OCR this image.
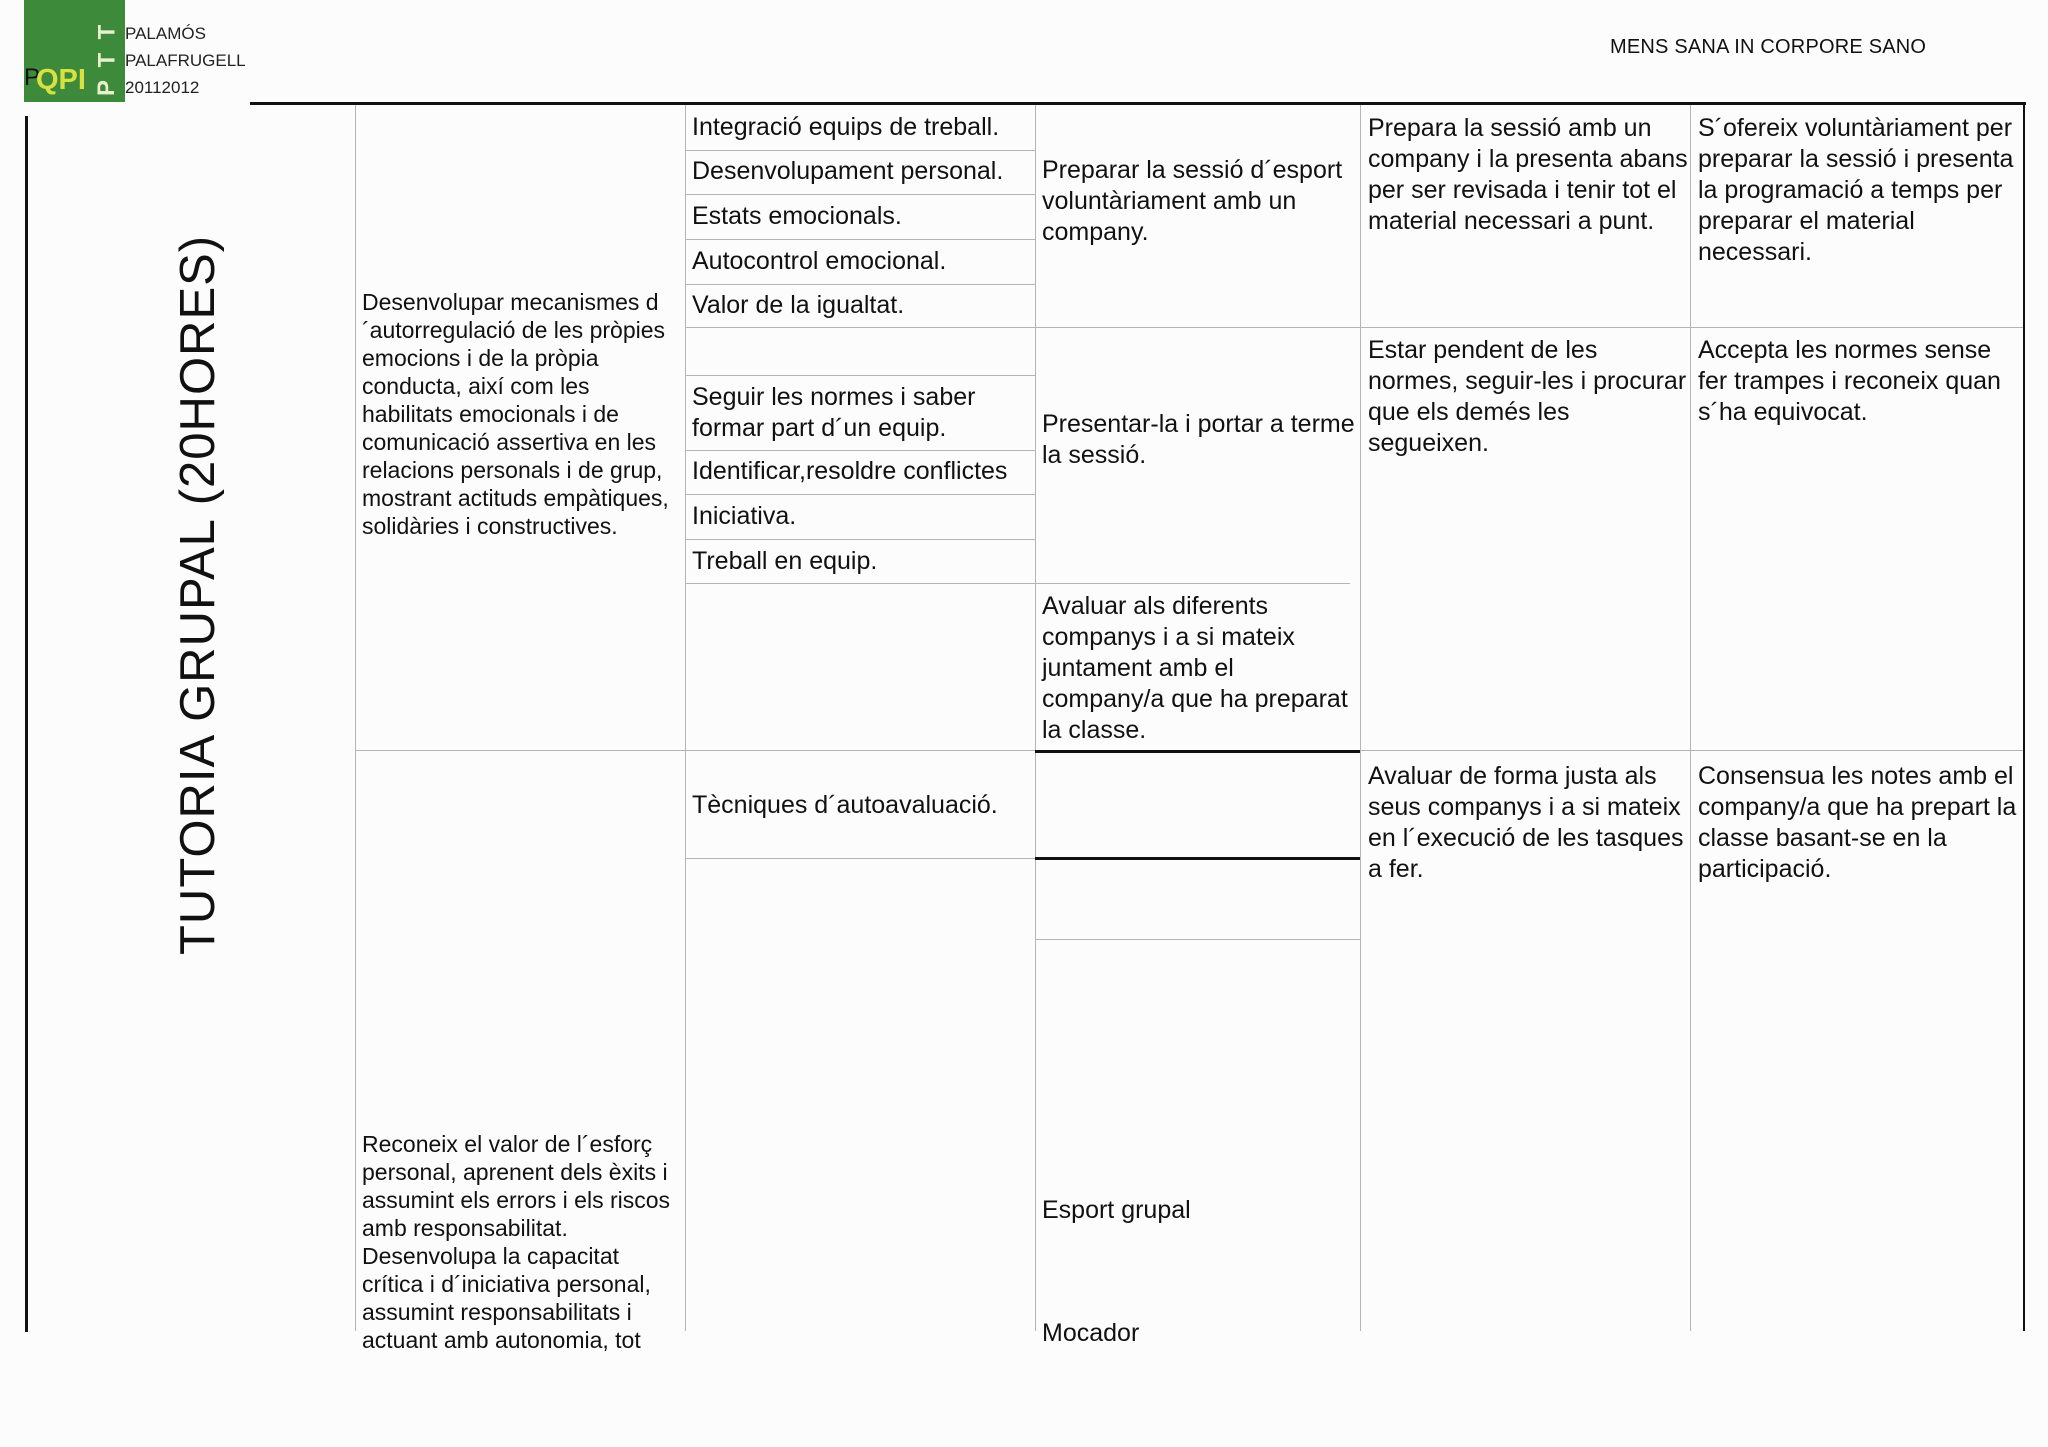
P
QPI
T
T
P
PALAMÓS
PALAFRUGELL
20112012
MENS SANA IN CORPORE SANO
TUTORIA GRUPAL (20HORES)	Desenvolupar mecanismes d´autorregulació de les pròpies emocions i de la pròpia conducta, així com les habilitats emocionals i de comunicació assertiva en les relacions personals i de grup, mostrant actituds empàtiques, solidàries i constructives.
Reconeix el valor de l´esforç personal, aprenent dels èxits i assumint els errors i els riscos amb responsabilitat. Desenvolupa la capacitat crítica i d´iniciativa personal, assumint responsabilitats i actuant amb autonomia, tot
Integració equips de treball.
Desenvolupament personal.
Estats emocionals.
Autocontrol emocional.
Valor de la igualtat.
Seguir les normes i saber formar part d´un equip.
Identificar,resoldre conflictes
Iniciativa.
Treball en equip.
Tècniques d´autoavaluació.
Preparar la sessió d´esport voluntàriament amb un company.
Presentar-la i portar a terme la sessió.
Avaluar als diferents companys i a si mateix juntament amb el company/a que ha preparat la classe.
Esport grupal
Mocador
Prepara la sessió amb un company i la presenta abans per ser revisada i tenir tot el material necessari a punt.
Estar pendent de les normes, seguir-les i procurar que els demés les segueixen.
Avaluar de forma justa als seus companys i a si mateix en l´execució de les tasques a fer.
S´ofereix voluntàriament per preparar la sessió i presenta la programació a temps per preparar el material necessari.
Accepta les normes sense fer trampes i reconeix quan s´ha equivocat.
Consensua les notes amb el company/a que ha prepart la classe basant-se en la participació.
